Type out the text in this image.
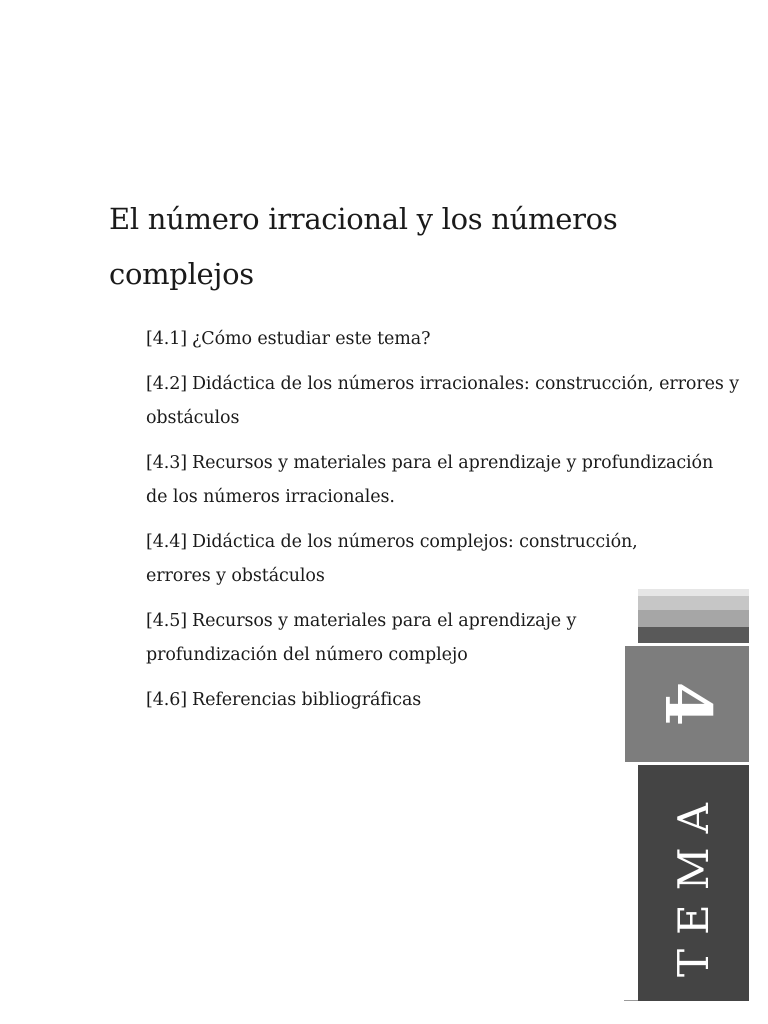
El número irracional y los números complejos
[4.1] ¿Cómo estudiar este tema?
[4.2] Didáctica de los números irracionales: construcción, errores y obstáculos
[4.3] Recursos y materiales para el aprendizaje y profundización de los números irracionales.
[4.4] Didáctica de los números complejos: construcción, errores y obstáculos
[4.5] Recursos y materiales para el aprendizaje y profundización del número complejo
[4.6] Referencias bibliográficas	4
TEMA
